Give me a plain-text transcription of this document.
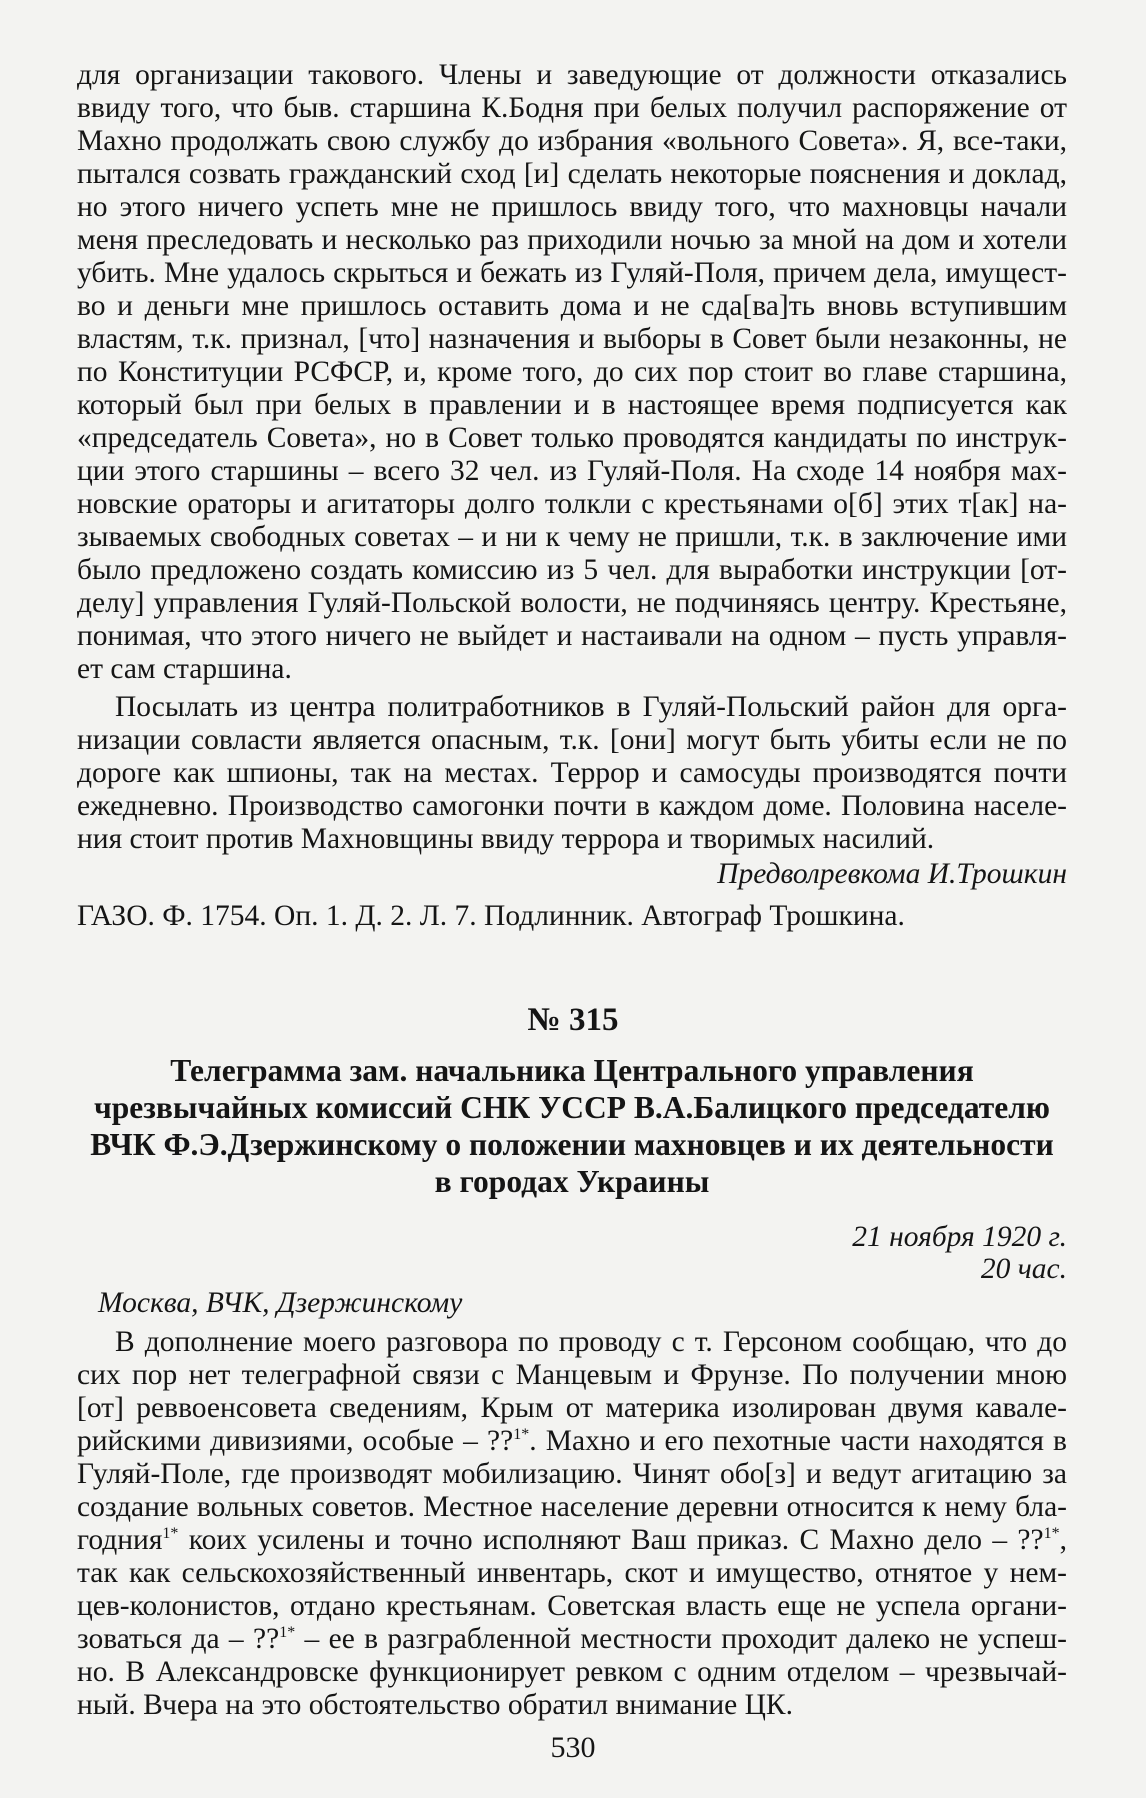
для организации такового. Члены и заведующие от должности отказались
ввиду того, что быв. старшина К.Бодня при белых получил распоряжение от
Махно продолжать свою службу до избрания «вольного Совета». Я, все-таки,
пытался созвать гражданский сход [и] сделать некоторые пояснения и доклад,
но этого ничего успеть мне не пришлось ввиду того, что махновцы начали
меня преследовать и несколько раз приходили ночью за мной на дом и хотели
убить. Мне удалось скрыться и бежать из Гуляй-Поля, причем дела, имущест-
во и деньги мне пришлось оставить дома и не сда[ва]ть вновь вступившим
властям, т.к. признал, [что] назначения и выборы в Совет были незаконны, не
по Конституции РСФСР, и, кроме того, до сих пор стоит во главе старшина,
который был при белых в правлении и в настоящее время подписуется как
«председатель Совета», но в Совет только проводятся кандидаты по инструк-
ции этого старшины – всего 32 чел. из Гуляй-Поля. На сходе 14 ноября мах-
новские ораторы и агитаторы долго толкли с крестьянами о[б] этих т[ак] на-
зываемых свободных советах – и ни к чему не пришли, т.к. в заключение ими
было предложено создать комиссию из 5 чел. для выработки инструкции [от-
делу] управления Гуляй-Польской волости, не подчиняясь центру. Крестьяне,
понимая, что этого ничего не выйдет и настаивали на одном – пусть управля-
ет сам старшина.
Посылать из центра политработников в Гуляй-Польский район для орга-
низации совласти является опасным, т.к. [они] могут быть убиты если не по
дороге как шпионы, так на местах. Террор и самосуды производятся почти
ежедневно. Производство самогонки почти в каждом доме. Половина населе-
ния стоит против Махновщины ввиду террора и творимых насилий.
Предволревкома И.Трошкин
ГАЗО. Ф. 1754. Оп. 1. Д. 2. Л. 7. Подлинник. Автограф Трошкина.
№ 315
Телеграмма зам. начальника Центрального управления
чрезвычайных комиссий СНК УССР В.А.Балицкого председателю
ВЧК Ф.Э.Дзержинскому о положении махновцев и их деятельности
в городах Украины
21 ноября 1920 г.
20 час.
Москва, ВЧК, Дзержинскому
В дополнение моего разговора по проводу с т. Герсоном сообщаю, что до
сих пор нет телеграфной связи с Манцевым и Фрунзе. По получении мною
[от] реввоенсовета сведениям, Крым от материка изолирован двумя кавале-
рийскими дивизиями, особые – ??$^{1*}$. Махно и его пехотные части находятся в
Гуляй-Поле, где производят мобилизацию. Чинят обо[з] и ведут агитацию за
создание вольных советов. Местное население деревни относится к нему бла-
годния$^{1*}$ коих усилены и точно исполняют Ваш приказ. С Махно дело – ??$^{1*}$,
так как сельскохозяйственный инвентарь, скот и имущество, отнятое у нем-
цев-колонистов, отдано крестьянам. Советская власть еще не успела органи-
зоваться да – ??$^{1*}$ – ее в разграбленной местности проходит далеко не успеш-
но. В Александровске функционирует ревком с одним отделом – чрезвычай-
ный. Вчера на это обстоятельство обратил внимание ЦК.
530
